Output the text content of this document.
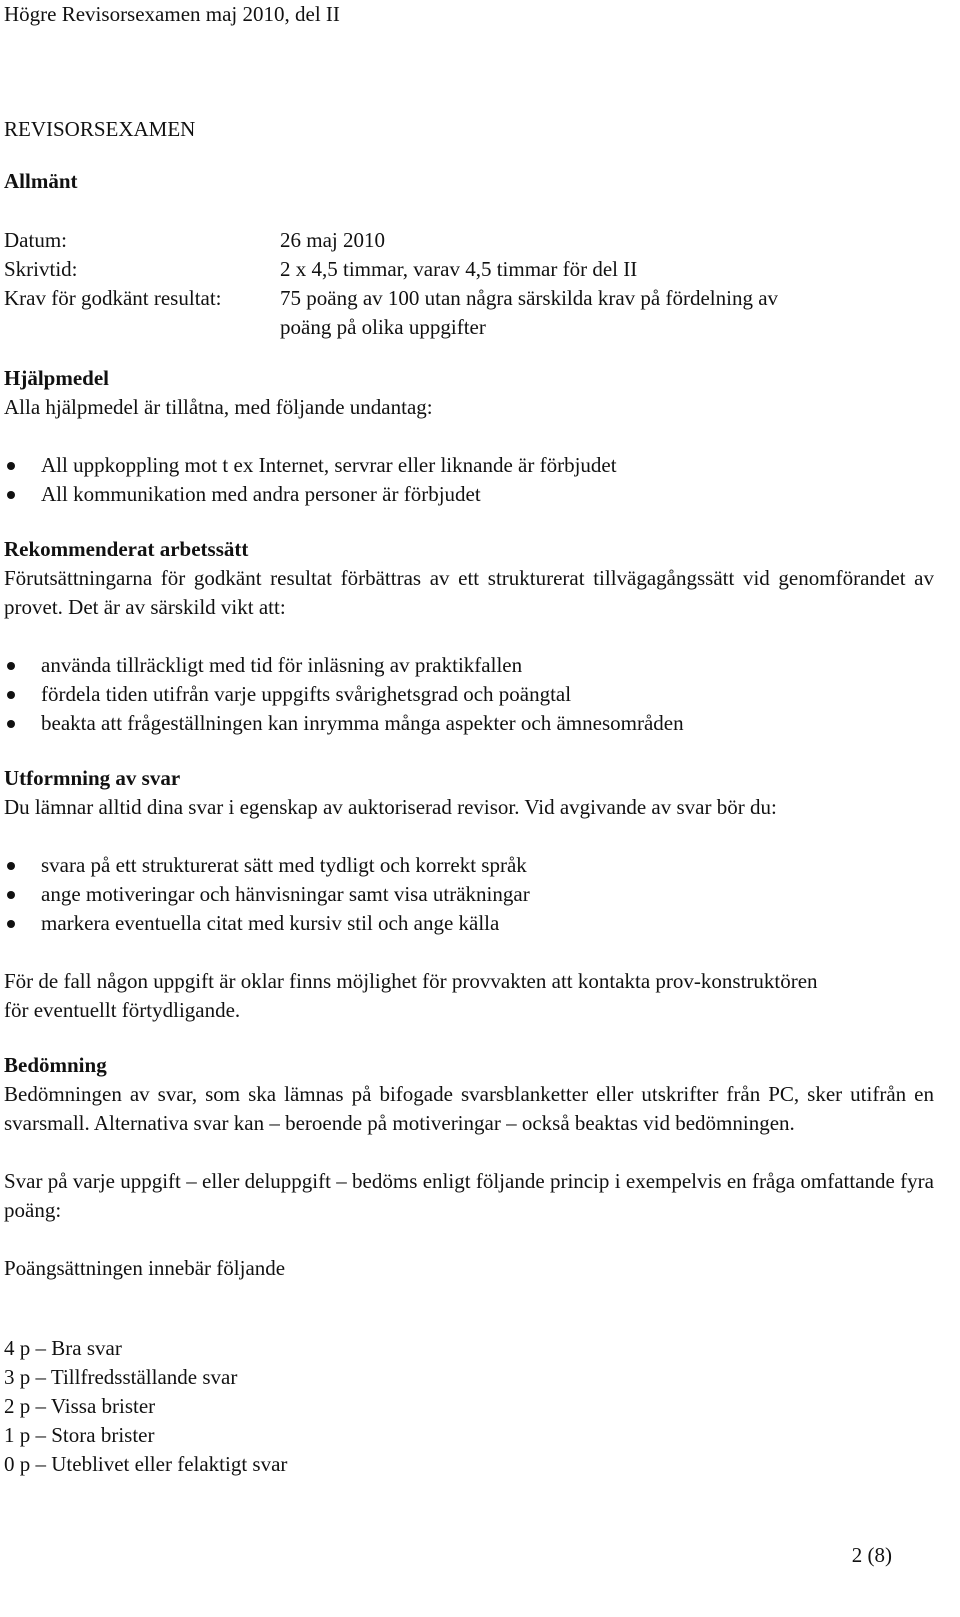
Högre Revisorsexamen maj 2010, del II
REVISORSEXAMEN
Allmänt
Datum:	26 maj 2010
Skrivtid:	2 x 4,5 timmar, varav 4,5 timmar för del II
Krav för godkänt resultat:	75 poäng av 100 utan några särskilda krav på fördelning av
poäng på olika uppgifter
Hjälpmedel

Alla hjälpmedel är tillåtna, med följande undantag:

All uppkoppling mot t ex Internet, servrar eller liknande är förbjudet
All kommunikation med andra personer är förbjudet
Rekommenderat arbetssätt

Förutsättningarna för godkänt resultat förbättras av ett strukturerat tillvägagångssätt vid genomförandet av provet. Det är av särskild vikt att:

använda tillräckligt med tid för inläsning av praktikfallen
fördela tiden utifrån varje uppgifts svårighetsgrad och poängtal
beakta att frågeställningen kan inrymma många aspekter och ämnesområden
Utformning av svar

Du lämnar alltid dina svar i egenskap av auktoriserad revisor. Vid avgivande av svar bör du:

svara på ett strukturerat sätt med tydligt och korrekt språk
ange motiveringar och hänvisningar samt visa uträkningar
markera eventuella citat med kursiv stil och ange källa

För de fall någon uppgift är oklar finns möjlighet för provvakten att kontakta prov-konstruktören för eventuellt förtydligande.

Bedömning

Bedömningen av svar, som ska lämnas på bifogade svarsblanketter eller utskrifter från PC, sker utifrån en svarsmall. Alternativa svar kan – beroende på motiveringar – också beaktas vid bedömningen.

Svar på varje uppgift – eller deluppgift – bedöms enligt följande princip i exempelvis en fråga omfattande fyra poäng:

Poängsättningen innebär följande

4 p – Bra svar
3 p – Tillfredsställande svar
2 p – Vissa brister
1 p – Stora brister
0 p – Uteblivet eller felaktigt svar
2 (8)
